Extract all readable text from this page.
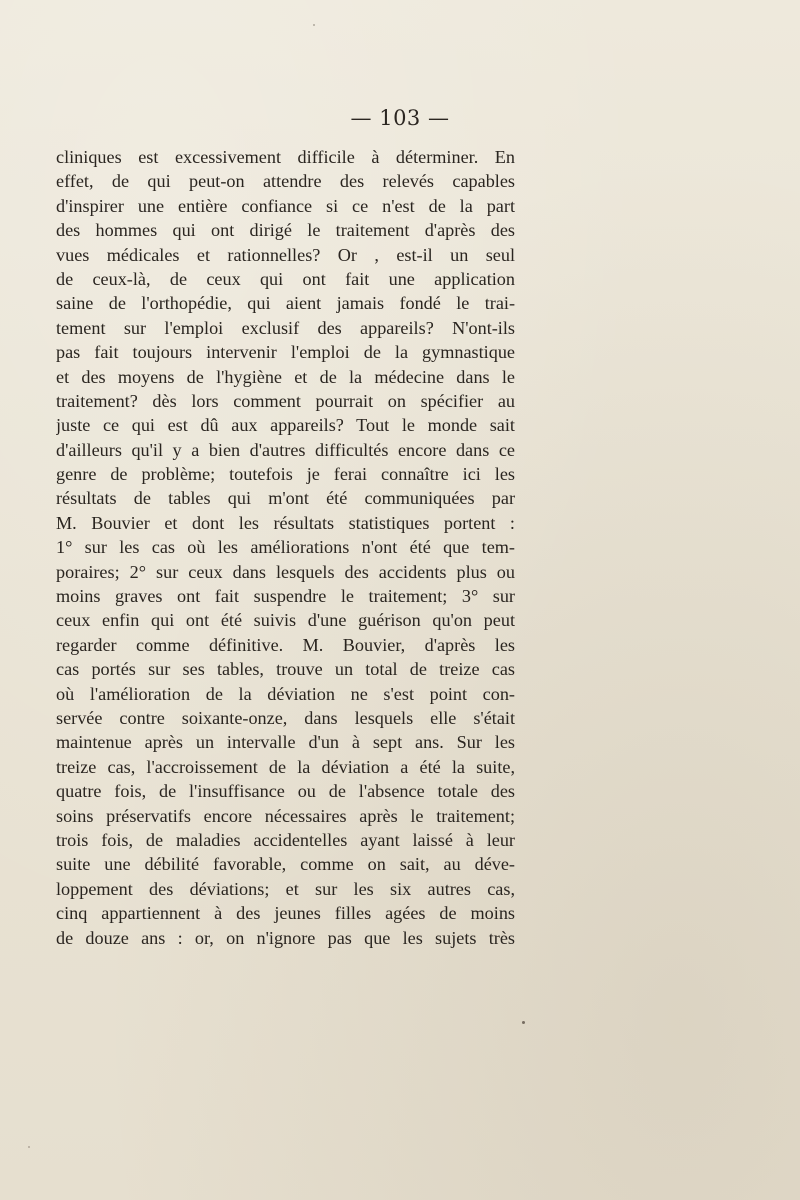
— 103 —
cliniques est excessivement difficile à déterminer. En
effet, de qui peut-on attendre des relevés capables
d'inspirer une entière confiance si ce n'est de la part
des hommes qui ont dirigé le traitement d'après des
vues médicales et rationnelles? Or , est-il un seul
de ceux-là, de ceux qui ont fait une application
saine de l'orthopédie, qui aient jamais fondé le trai-
tement sur l'emploi exclusif des appareils? N'ont-ils
pas fait toujours intervenir l'emploi de la gymnastique
et des moyens de l'hygiène et de la médecine dans le
traitement? dès lors comment pourrait on spécifier au
juste ce qui est dû aux appareils? Tout le monde sait
d'ailleurs qu'il y a bien d'autres difficultés encore dans ce
genre de problème; toutefois je ferai connaître ici les
résultats de tables qui m'ont été communiquées par
M. Bouvier et dont les résultats statistiques portent :
1° sur les cas où les améliorations n'ont été que tem-
poraires; 2° sur ceux dans lesquels des accidents plus ou
moins graves ont fait suspendre le traitement; 3° sur
ceux enfin qui ont été suivis d'une guérison qu'on peut
regarder comme définitive. M. Bouvier, d'après les
cas portés sur ses tables, trouve un total de treize cas
où l'amélioration de la déviation ne s'est point con-
servée contre soixante-onze, dans lesquels elle s'était
maintenue après un intervalle d'un à sept ans. Sur les
treize cas, l'accroissement de la déviation a été la suite,
quatre fois, de l'insuffisance ou de l'absence totale des
soins préservatifs encore nécessaires après le traitement;
trois fois, de maladies accidentelles ayant laissé à leur
suite une débilité favorable, comme on sait, au déve-
loppement des déviations; et sur les six autres cas,
cinq appartiennent à des jeunes filles agées de moins
de douze ans : or, on n'ignore pas que les sujets très
